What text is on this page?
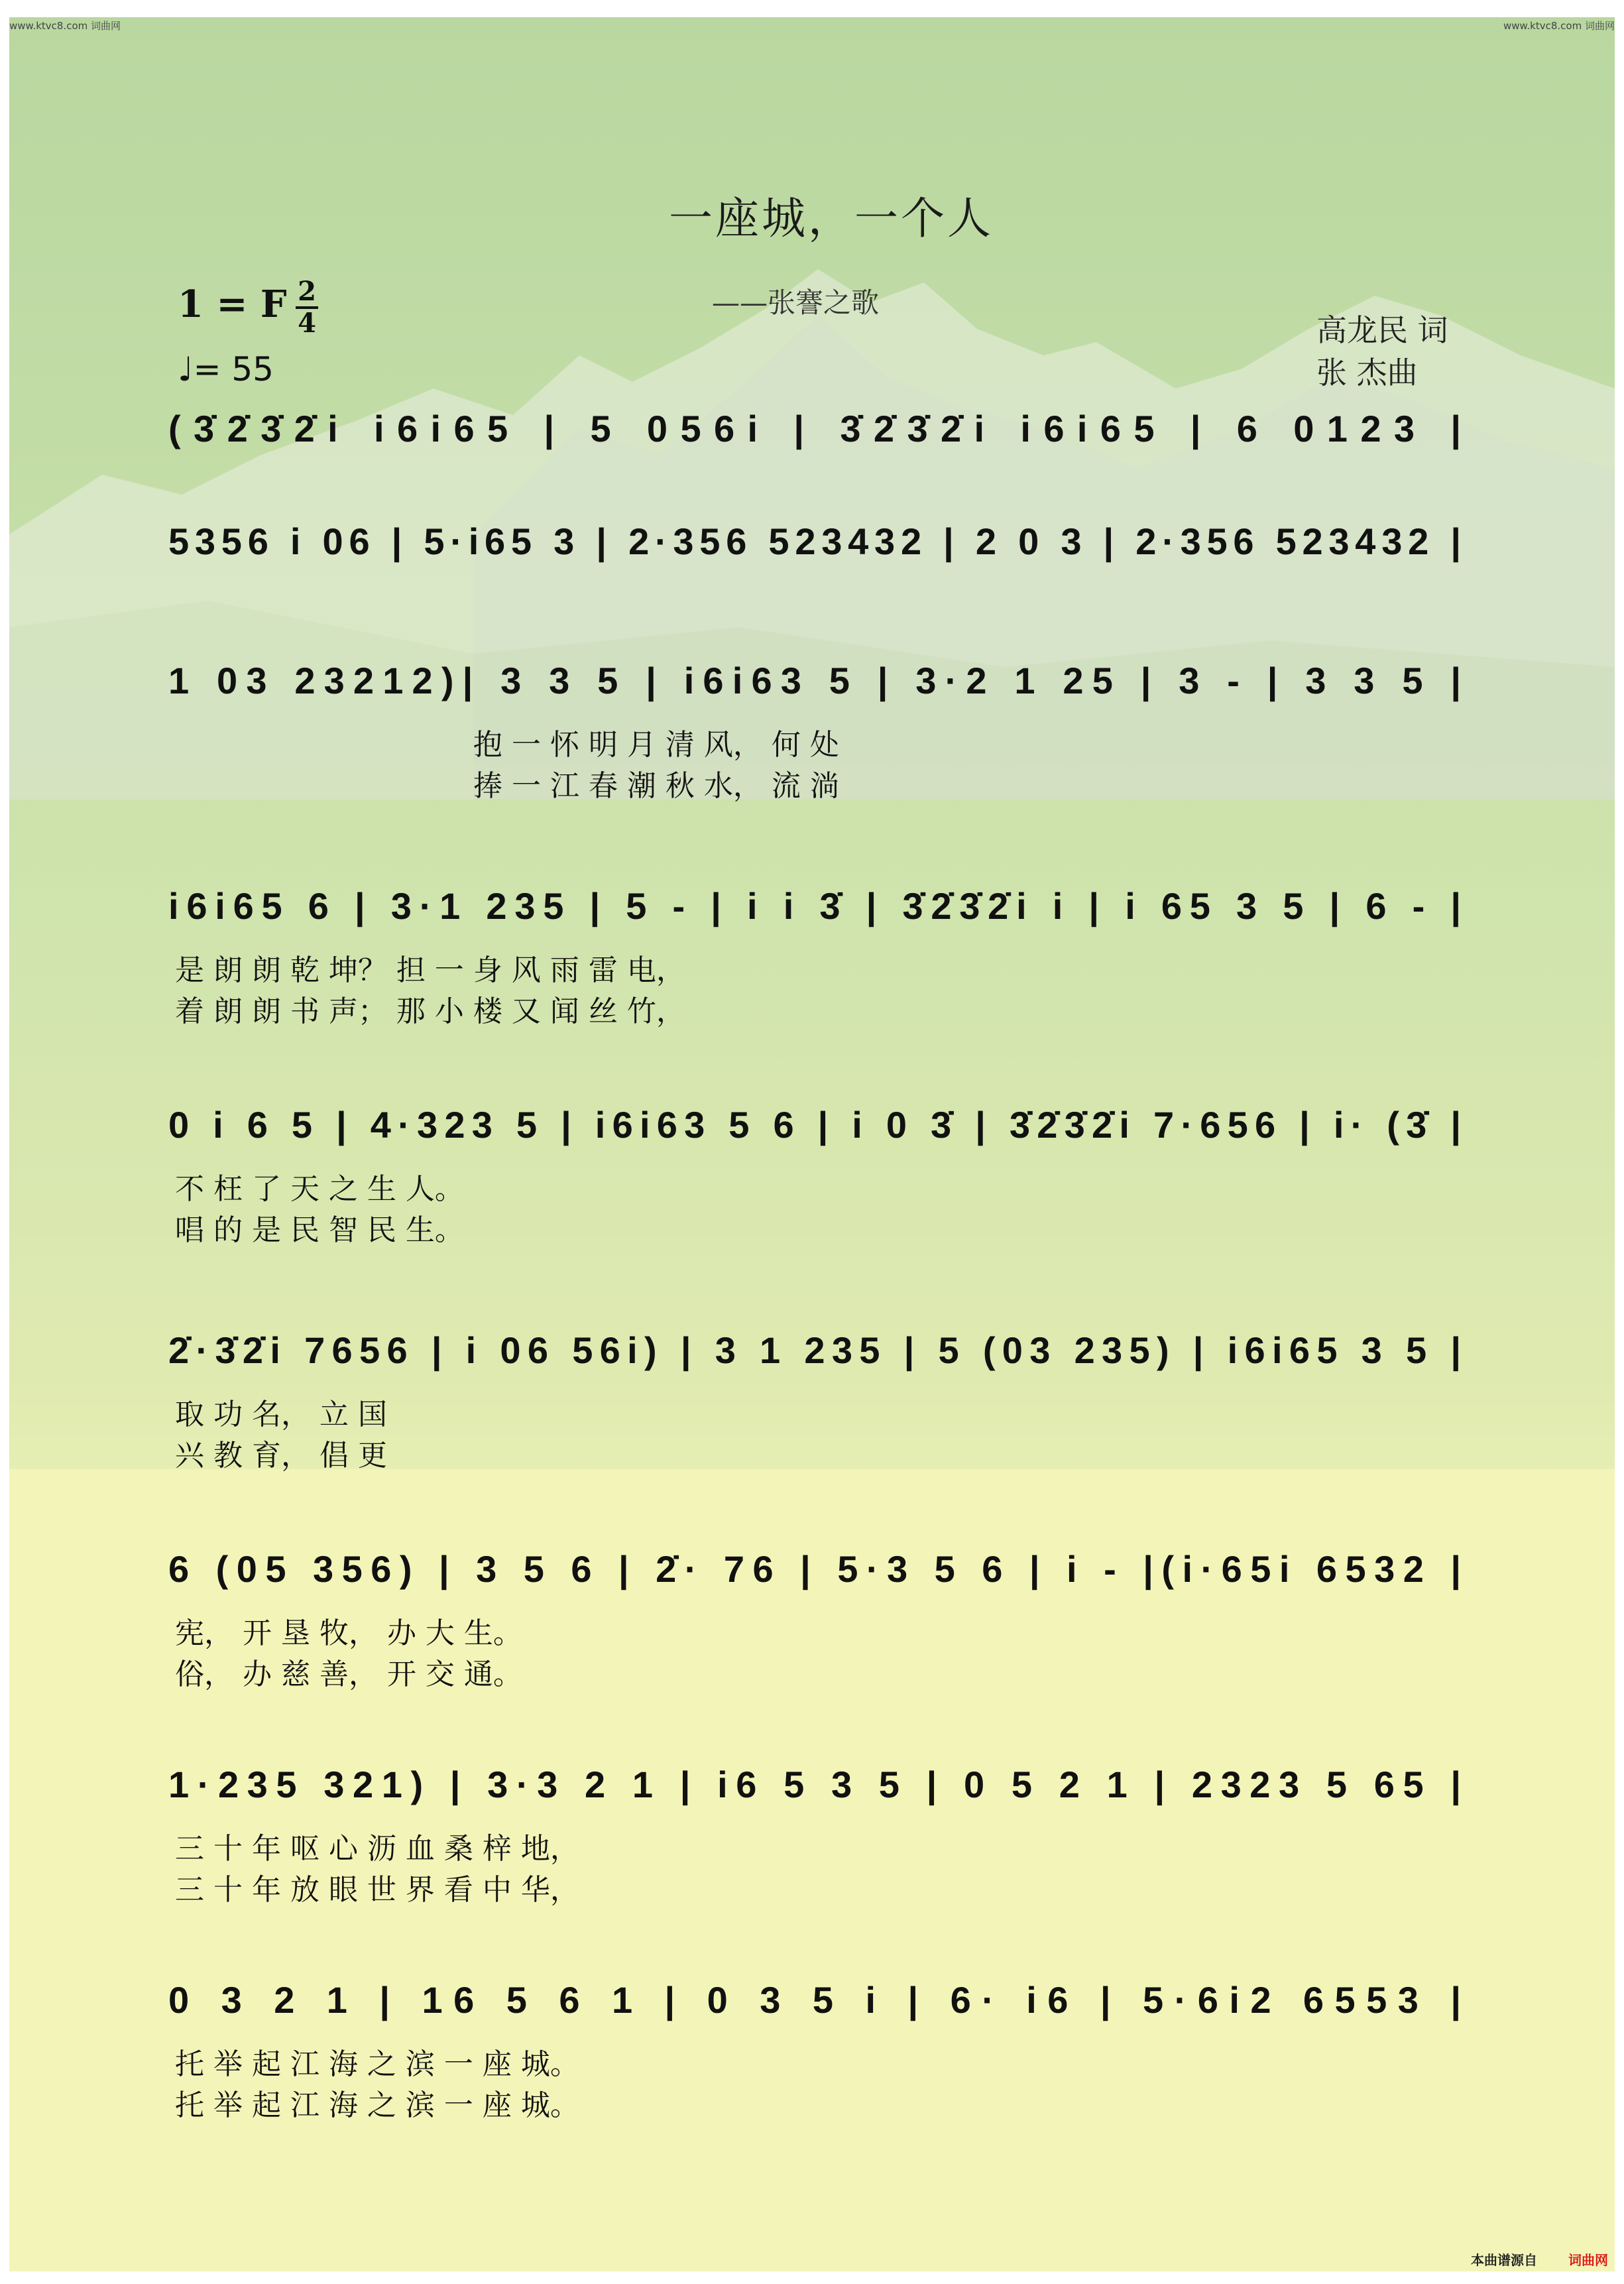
www.ktvc8.com 词曲网	www.ktvc8.com 词曲网
一座城，一个人
——张謇之歌
1 = F 2
4
♩= 55
高龙民 词
张 杰曲
(3̇2̇3̇2̇i i6i65 | 5 056i | 3̇2̇3̇2̇i i6i65 | 6 0123 |
5356 i 06 | 5·i65 3 | 2·356 523432 | 2 0 3 | 2·356 523432 |
1 03 23212)| 3 3 5 | i6i63 5 | 3·2 1 25 | 3 - | 3 3 5 |
抱 一 怀 明 月 清 风， 何 处
捧 一 江 春 潮 秋 水， 流 淌
i6i65 6 | 3·1 235 | 5 - | i i 3̇ | 3̇2̇3̇2̇i i | i 65 3 5 | 6 - |
是 朗 朗 乾 坤？ 担 一 身 风 雨 雷 电，
着 朗 朗 书 声； 那 小 楼 又 闻 丝 竹，
0 i 6 5 | 4·323 5 | i6i63 5 6 | i 0 3̇ | 3̇2̇3̇2̇i 7·656 | i· (3̇ |
不 枉 了 天 之 生 人。
唱 的 是 民 智 民 生。
2̇·3̇2̇i 7656 | i 06 56i) | 3 1 235 | 5 (03 235) | i6i65 3 5 |
取 功 名， 立 国
兴 教 育， 倡 更
6 (05 356) | 3 5 6 | 2̇· 76 | 5·3 5 6 | i - |(i·65i 6532 |
宪， 开 垦 牧， 办 大 生。
俗， 办 慈 善， 开 交 通。
1·235 321) | 3·3 2 1 | i6 5 3 5 | 0 5 2 1 | 2323 5 65 |
三 十 年 呕 心 沥 血 桑 梓 地，
三 十 年 放 眼 世 界 看 中 华，
0 3 2 1 | 16 5 6 1 | 0 3 5 i | 6· i6 | 5·6i2 6553 |
托 举 起 江 海 之 滨 一 座 城。
托 举 起 江 海 之 滨 一 座 城。
本曲谱源自 词曲网
